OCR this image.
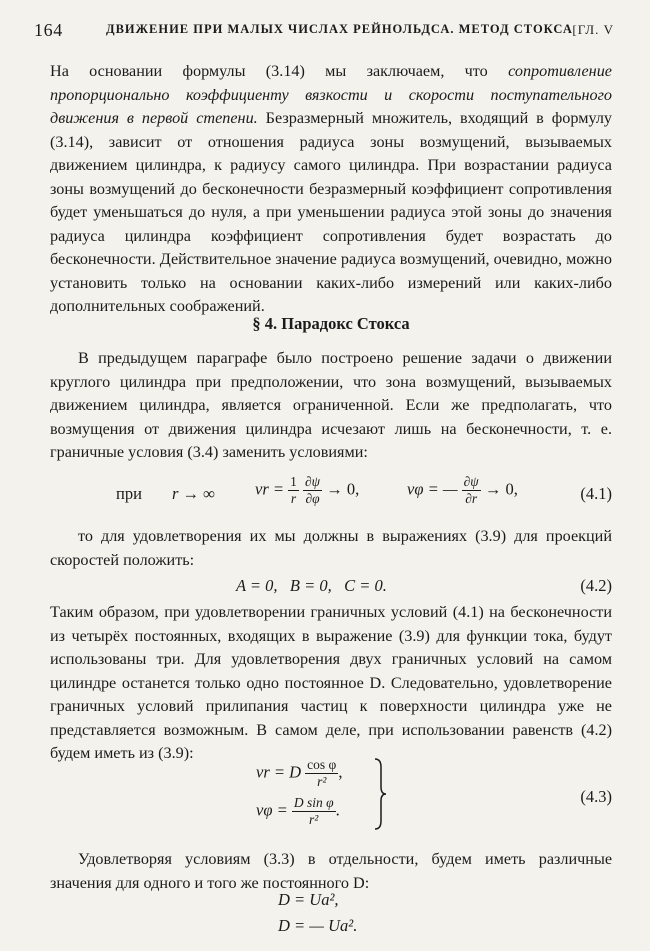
164	ДВИЖЕНИЕ ПРИ МАЛЫХ ЧИСЛАХ РЕЙНОЛЬДСА. МЕТОД СТОКСА [ГЛ. V

На основании формулы (3.14) мы заключаем, что сопротивление пропорционально коэффициенту вязкости и скорости поступательного движения в первой степени. Безразмерный множитель, входящий в формулу (3.14), зависит от отношения радиуса зоны возмущений, вызываемых движением цилиндра, к радиусу самого цилиндра. При возрастании радиуса зоны возмущений до бесконечности безразмерный коэффициент сопротивления будет уменьшаться до нуля, а при уменьшении радиуса этой зоны до значения радиуса цилиндра коэффициент сопротивления будет возрастать до бесконечности. Действительное значение радиуса возмущений, очевидно, можно установить только на основании каких-либо измерений или каких-либо дополнительных соображений.

§ 4. Парадокс Стокса

В предыдущем параграфе было построено решение задачи о движении круглого цилиндра при предположении, что зона возмущений, вызываемых движением цилиндра, является ограниченной. Если же предполагать, что возмущения от движения цилиндра исчезают лишь на бесконечности, т. е. граничные условия (3.4) заменить условиями:

при r → ∞ vr = $\frac{1}{r}$
$\frac{\partial\psi}{\partial\varphi} \to 0$,	vφ = — $\frac{\partial\psi}{\partial r} \to 0$,	(4.1)

то для удовлетворения их мы должны в выражениях (3.9) для проекций скоростей положить:

A = 0,   B = 0,   C = 0.	(4.2)

Таким образом, при удовлетворении граничных условий (4.1) на бесконечности из четырёх постоянных, входящих в выражение (3.9) для функции тока, будут использованы три. Для удовлетворения двух граничных условий на самом цилиндре останется только одно постоянное D. Следовательно, удовлетворение граничных условий прилипания частиц к поверхности цилиндра уже не представляется возможным. В самом деле, при использовании равенств (4.2) будем иметь из (3.9):

vr = D $\frac{\text{cos φ}}{\text{r²}}$ ,
$v\varphi = \frac{\text{D sin φ}}{\text{r²}}$ .
(4.3)

Удовлетворяя условиям (3.3) в отдельности, будем иметь различные значения для одного и того же постоянного D:

D = Ua²,
D = — Ua².
